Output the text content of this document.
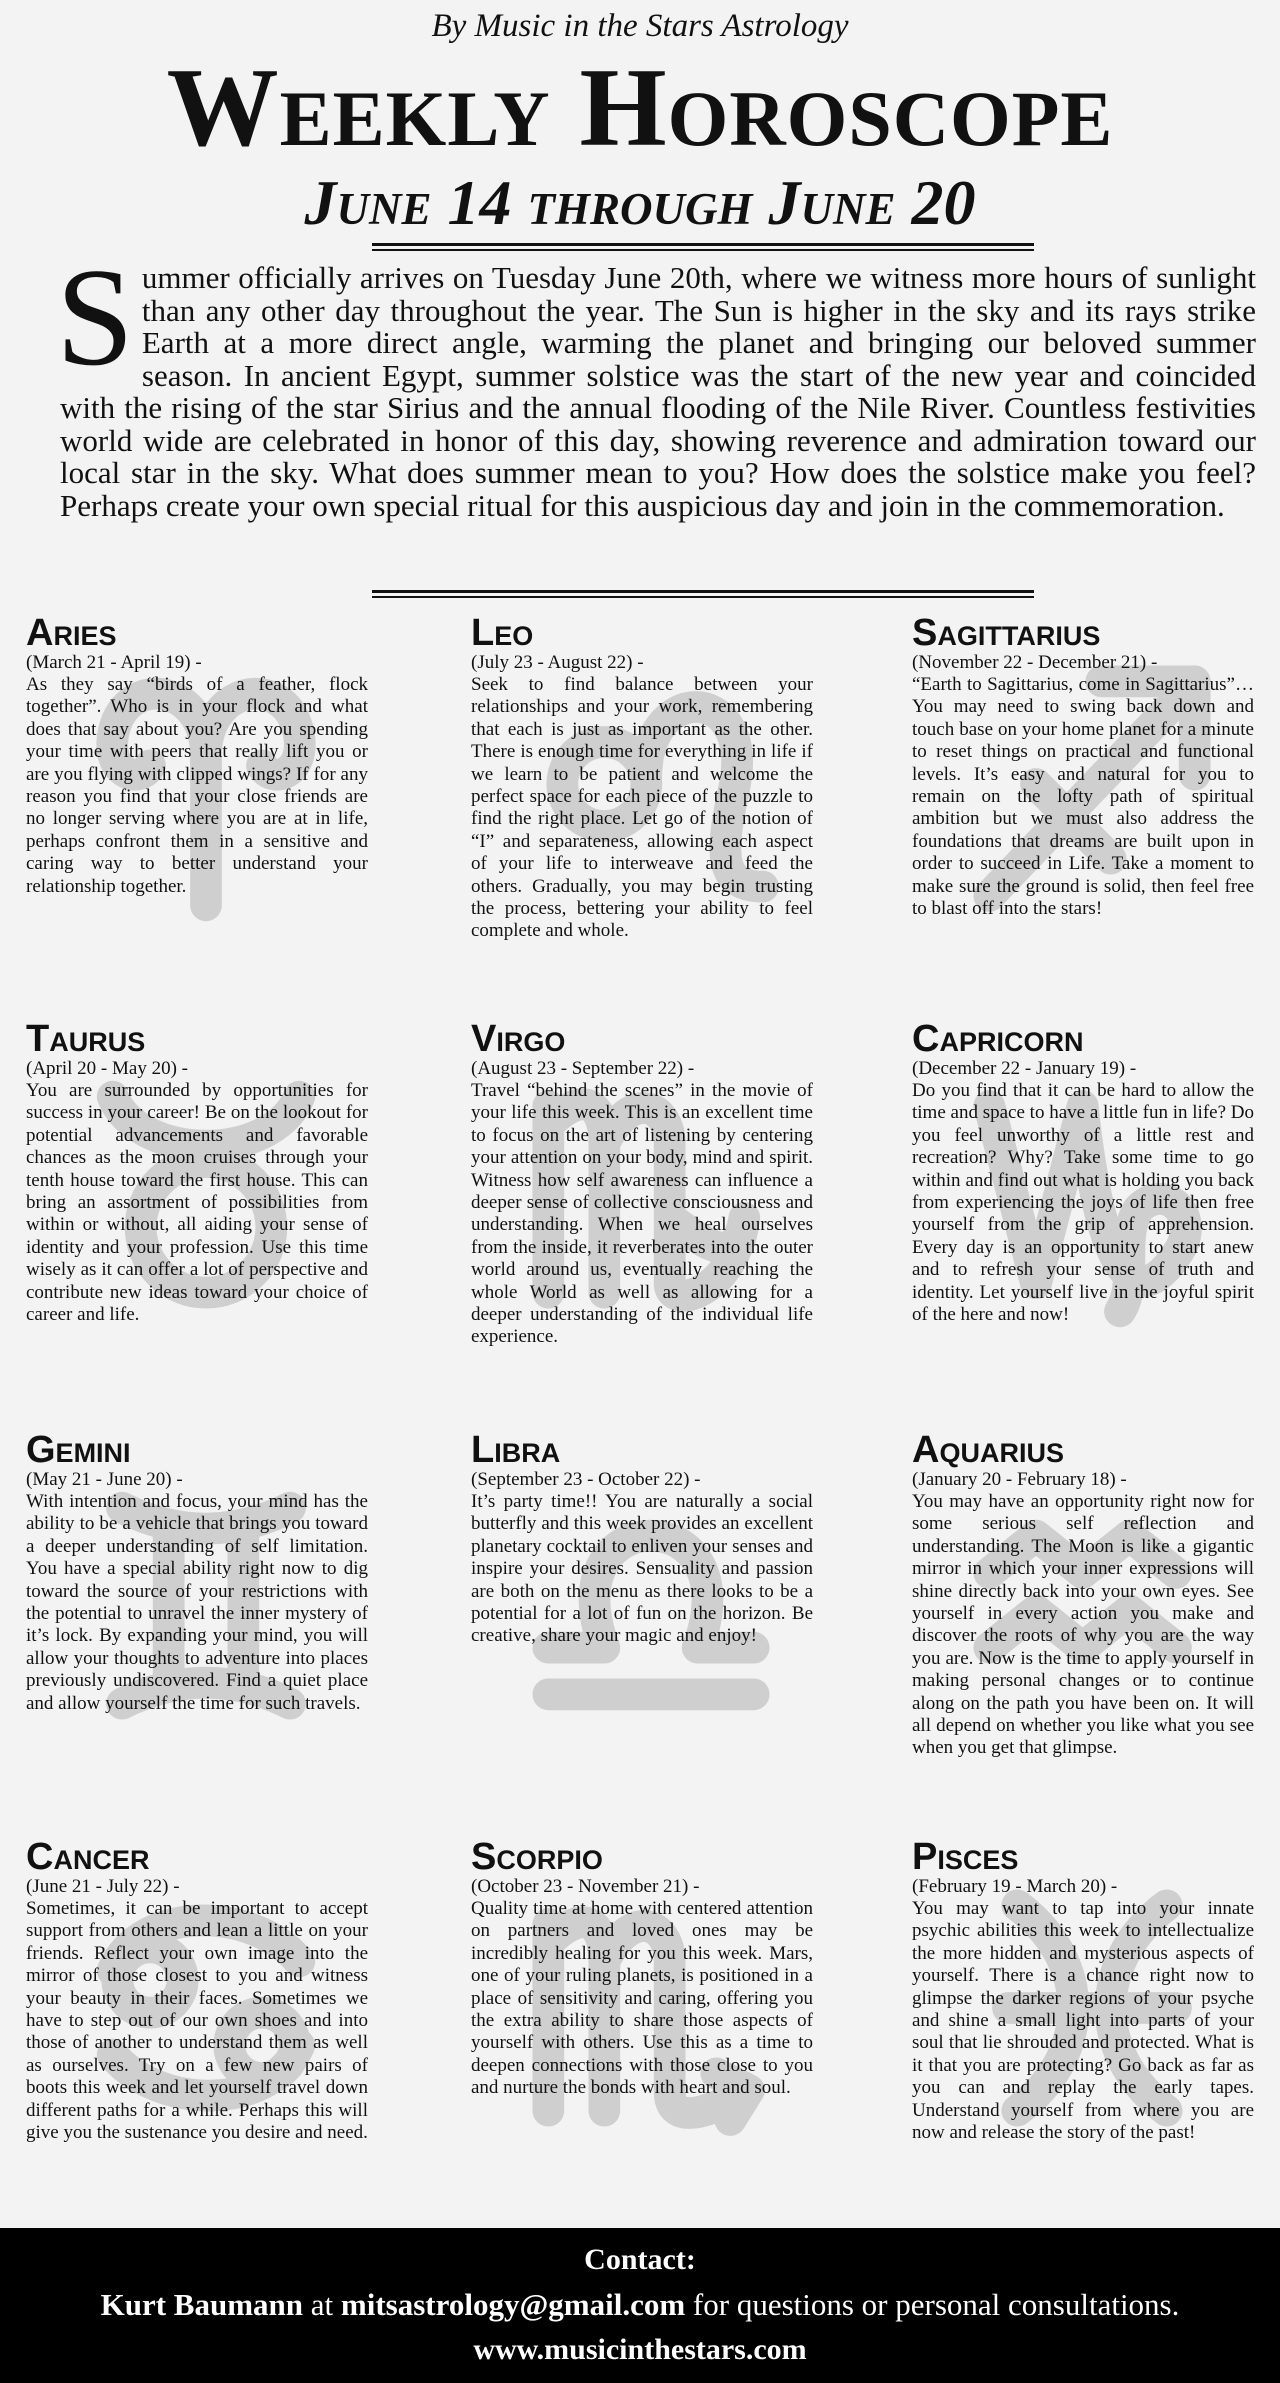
By Music in the Stars Astrology
Weekly Horoscope
June 14 through June 20
Summer officially arrives on Tuesday June 20th, where we witness more hours of sunlight than any other day throughout the year. The Sun is higher in the sky and its rays strike Earth at a more direct angle, warming the planet and bringing our beloved summer season. In ancient Egypt, summer solstice was the start of the new year and coincided with the rising of the star Sirius and the annual flooding of the Nile River. Countless festivities world wide are celebrated in honor of this day, showing reverence and admiration toward our local star in the sky. What does summer mean to you? How does the solstice make you feel? Perhaps create your own special ritual for this auspicious day and join in the commemoration.
Aries
(March 21 - April 19) -
As they say “birds of a feather, flock together”. Who is in your flock and what does that say about you? Are you spending your time with peers that really lift you or are you flying with clipped wings? If for any reason you find that your close friends are no longer serving where you are at in life, perhaps confront them in a sensitive and caring way to better understand your relationship together.
Leo
(July 23 - August 22) -
Seek to find balance between your relationships and your work, remembering that each is just as important as the other. There is enough time for everything in life if we learn to be patient and welcome the perfect space for each piece of the puzzle to find the right place. Let go of the notion of “I” and separateness, allowing each aspect of your life to interweave and feed the others. Gradually, you may begin trusting the process, bettering your ability to feel complete and whole.
Sagittarius
(November 22 - December 21) -
“Earth to Sagittarius, come in Sagittarius”… You may need to swing back down and touch base on your home planet for a minute to reset things on practical and functional levels. It’s easy and natural for you to remain on the lofty path of spiritual ambition but we must also address the foundations that dreams are built upon in order to succeed in Life. Take a moment to make sure the ground is solid, then feel free to blast off into the stars!
Taurus
(April 20 - May 20) -
You are surrounded by opportunities for success in your career! Be on the lookout for potential advancements and favorable chances as the moon cruises through your tenth house toward the first house. This can bring an assortment of possibilities from within or without, all aiding your sense of identity and your profession. Use this time wisely as it can offer a lot of perspective and contribute new ideas toward your choice of career and life.
Virgo
(August 23 - September 22) -
Travel “behind the scenes” in the movie of your life this week. This is an excellent time to focus on the art of listening by centering your attention on your body, mind and spirit. Witness how self awareness can influence a deeper sense of collective consciousness and understanding. When we heal ourselves from the inside, it reverberates into the outer world around us, eventually reaching the whole World as well as allowing for a deeper understanding of the individual life experience.
Capricorn
(December 22 - January 19) -
Do you find that it can be hard to allow the time and space to have a little fun in life? Do you feel unworthy of a little rest and recreation? Why? Take some time to go within and find out what is holding you back from experiencing the joys of life then free yourself from the grip of apprehension. Every day is an opportunity to start anew and to refresh your sense of truth and identity. Let yourself live in the joyful spirit of the here and now!
Gemini
(May 21 - June 20) -
With intention and focus, your mind has the ability to be a vehicle that brings you toward a deeper understanding of self limitation. You have a special ability right now to dig toward the source of your restrictions with the potential to unravel the inner mystery of it’s lock. By expanding your mind, you will allow your thoughts to adventure into places previously undiscovered. Find a quiet place and allow yourself the time for such travels.
Libra
(September 23 - October 22) -
It’s party time!! You are naturally a social butterfly and this week provides an excellent planetary cocktail to enliven your senses and inspire your desires. Sensuality and passion are both on the menu as there looks to be a potential for a lot of fun on the horizon. Be creative, share your magic and enjoy!
Aquarius
(January 20 - February 18) -
You may have an opportunity right now for some serious self reflection and understanding. The Moon is like a gigantic mirror in which your inner expressions will shine directly back into your own eyes. See yourself in every action you make and discover the roots of why you are the way you are. Now is the time to apply yourself in making personal changes or to continue along on the path you have been on. It will all depend on whether you like what you see when you get that glimpse.
Cancer
(June 21 - July 22) -
Sometimes, it can be important to accept support from others and lean a little on your friends. Reflect your own image into the mirror of those closest to you and witness your beauty in their faces. Sometimes we have to step out of our own shoes and into those of another to understand them as well as ourselves. Try on a few new pairs of boots this week and let yourself travel down different paths for a while. Perhaps this will give you the sustenance you desire and need.
Scorpio
(October 23 - November 21) -
Quality time at home with centered attention on partners and loved ones may be incredibly healing for you this week. Mars, one of your ruling planets, is positioned in a place of sensitivity and caring, offering you the extra ability to share those aspects of yourself with others. Use this as a time to deepen connections with those close to you and nurture the bonds with heart and soul.
Pisces
(February 19 - March 20) -
You may want to tap into your innate psychic abilities this week to intellectualize the more hidden and mysterious aspects of yourself. There is a chance right now to glimpse the darker regions of your psyche and shine a small light into parts of your soul that lie shrouded and protected. What is it that you are protecting? Go back as far as you can and replay the early tapes. Understand yourself from where you are now and release the story of the past!
Contact:
Kurt Baumann at mitsastrology@gmail.com for questions or personal consultations.
www.musicinthestars.com
